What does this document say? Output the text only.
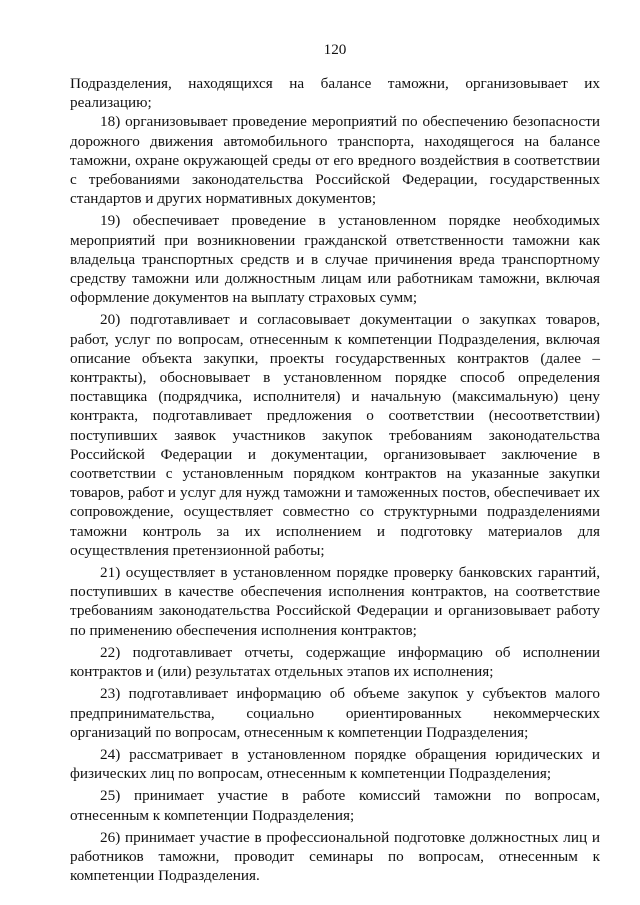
120

Подразделения, находящихся на балансе таможни, организовывает их реализацию;

18) организовывает проведение мероприятий по обеспечению безопасности дорожного движения автомобильного транспорта, находящегося на балансе таможни, охране окружающей среды от его вредного воздействия в соответствии с требованиями законодательства Российской Федерации, государственных стандартов и других нормативных документов;

19) обеспечивает проведение в установленном порядке необходимых мероприятий при возникновении гражданской ответственности таможни как владельца транспортных средств и в случае причинения вреда транспортному средству таможни или должностным лицам или работникам таможни, включая оформление документов на выплату страховых сумм;

20) подготавливает и согласовывает документации о закупках товаров, работ, услуг по вопросам, отнесенным к компетенции Подразделения, включая описание объекта закупки, проекты государственных контрактов (далее – контракты), обосновывает в установленном порядке способ определения поставщика (подрядчика, исполнителя) и начальную (максимальную) цену контракта, подготавливает предложения о соответствии (несоответствии) поступивших заявок участников закупок требованиям законодательства Российской Федерации и документации, организовывает заключение в соответствии с установленным порядком контрактов на указанные закупки товаров, работ и услуг для нужд таможни и таможенных постов, обеспечивает их сопровождение, осуществляет совместно со структурными подразделениями таможни контроль за их исполнением и подготовку материалов для осуществления претензионной работы;

21) осуществляет в установленном порядке проверку банковских гарантий, поступивших в качестве обеспечения исполнения контрактов, на соответствие требованиям законодательства Российской Федерации и организовывает работу по применению обеспечения исполнения контрактов;

22) подготавливает отчеты, содержащие информацию об исполнении контрактов и (или) результатах отдельных этапов их исполнения;

23) подготавливает информацию об объеме закупок у субъектов малого предпринимательства, социально ориентированных некоммерческих организаций по вопросам, отнесенным к компетенции Подразделения;

24) рассматривает в установленном порядке обращения юридических и физических лиц по вопросам, отнесенным к компетенции Подразделения;

25) принимает участие в работе комиссий таможни по вопросам, отнесенным к компетенции Подразделения;

26) принимает участие в профессиональной подготовке должностных лиц и работников таможни, проводит семинары по вопросам, отнесенным к компетенции Подразделения.
